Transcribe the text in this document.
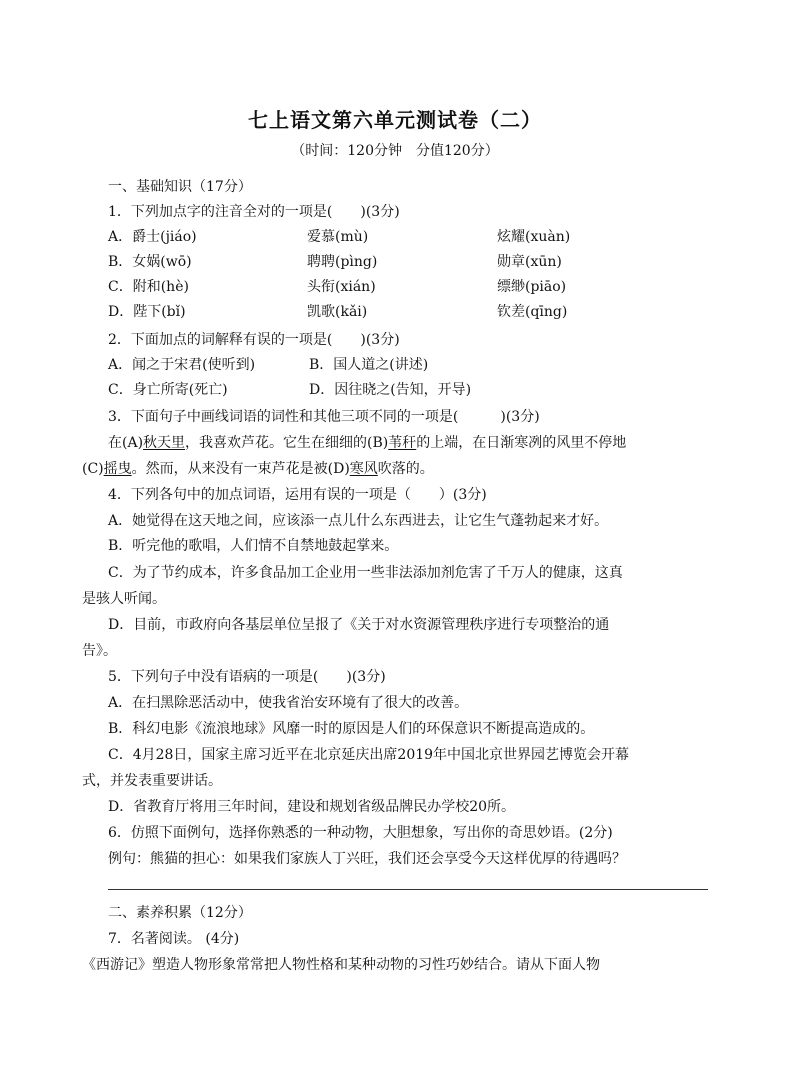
七上语文第六单元测试卷（二）
（时间：120分钟　分值120分）
一、基础知识（17分）
1．下列加点字的注音全对的一项是(　　)(3分)
A．爵士(jiáo)	爱慕(mù)	炫耀(xuàn)
B．女娲(wō)	聘聘(pìng)	勋章(xūn)
C．附和(hè)	头衔(xián)	缥缈(piāo)
D．陛下(bǐ)	凯歌(kǎi)	钦差(qīng)
2．下面加点的词解释有误的一项是(　　)(3分)
A．闻之于宋君(使听到)	B．国人道之(讲述)
C．身亡所寄(死亡)	D．因往晓之(告知，开导)
3．下面句子中画线词语的词性和其他三项不同的一项是(　　　)(3分)
在(A)秋天里，我喜欢芦花。它生在细细的(B)苇秆的上端，在日渐寒冽的风里不停地
(C)摇曳。然而，从来没有一束芦花是被(D)寒风吹落的。
4．下列各句中的加点词语，运用有误的一项是（　　）(3分)
A．她觉得在这天地之间，应该添一点儿什么东西进去，让它生气蓬勃起来才好。
B．听完他的歌唱，人们情不自禁地鼓起掌来。
C．为了节约成本，许多食品加工企业用一些非法添加剂危害了千万人的健康，这真
是骇人听闻。
D．目前，市政府向各基层单位呈报了《关于对水资源管理秩序进行专项整治的通
告》。
5．下列句子中没有语病的一项是(　　)(3分)
A．在扫黑除恶活动中，使我省治安环境有了很大的改善。
B．科幻电影《流浪地球》风靡一时的原因是人们的环保意识不断提高造成的。
C．4月28日，国家主席习近平在北京延庆出席2019年中国北京世界园艺博览会开幕
式，并发表重要讲话。
D．省教育厅将用三年时间，建设和规划省级品牌民办学校20所。
6．仿照下面例句，选择你熟悉的一种动物，大胆想象，写出你的奇思妙语。(2分)
例句：熊猫的担心：如果我们家族人丁兴旺，我们还会享受今天这样优厚的待遇吗？
二、素养积累（12分）
7．名著阅读。 (4分)
《西游记》塑造人物形象常常把人物性格和某种动物的习性巧妙结合。请从下面人物
